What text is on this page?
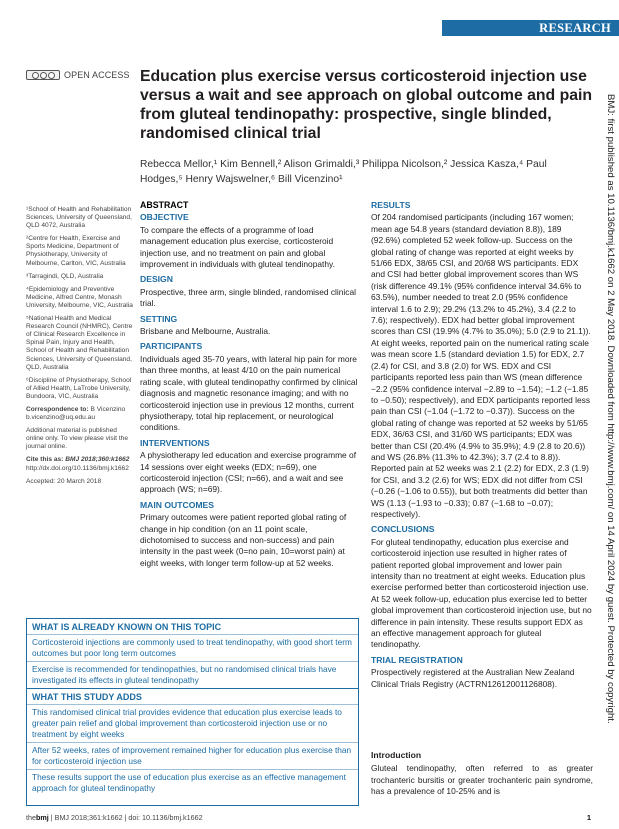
RESEARCH
OPEN ACCESS Education plus exercise versus corticosteroid injection use versus a wait and see approach on global outcome and pain from gluteal tendinopathy: prospective, single blinded, randomised clinical trial
Rebecca Mellor,¹ Kim Bennell,² Alison Grimaldi,³ Philippa Nicolson,² Jessica Kasza,⁴ Paul Hodges,⁵ Henry Wajswelner,⁶ Bill Vicenzino¹

¹School of Health and Rehabilitation Sciences, University of Queensland, QLD 4072, Australia

²Centre for Health, Exercise and Sports Medicine, Department of Physiotherapy, University of Melbourne, Carlton, VIC, Australia

³Tarragindi, QLD, Australia

⁴Epidemiology and Preventive Medicine, Alfred Centre, Monash University, Melbourne, VIC, Australia

⁵National Health and Medical Research Council (NHMRC), Centre of Clinical Research Excellence in Spinal Pain, Injury and Health, School of Health and Rehabilitation Sciences, University of Queensland, QLD, Australia

⁶Discipline of Physiotherapy, School of Allied Health, LaTrobe University, Bundoora, VIC, Australia

Correspondence to: B Vicenzino
b.vicenzino@uq.edu.au

Additional material is published online only. To view please visit the journal online.

Cite this as: BMJ 2018;360:k1662
http://dx.doi.org/10.1136/bmj.k1662

Accepted: 20 March 2018

ABSTRACT
OBJECTIVE

To compare the effects of a programme of load management education plus exercise, corticosteroid injection use, and no treatment on pain and global improvement in individuals with gluteal tendinopathy.

DESIGN

Prospective, three arm, single blinded, randomised clinical trial.

SETTING

Brisbane and Melbourne, Australia.

PARTICIPANTS

Individuals aged 35-70 years, with lateral hip pain for more than three months, at least 4/10 on the pain numerical rating scale, with gluteal tendinopathy confirmed by clinical diagnosis and magnetic resonance imaging; and with no corticosteroid injection use in previous 12 months, current physiotherapy, total hip replacement, or neurological conditions.

INTERVENTIONS

A physiotherapy led education and exercise programme of 14 sessions over eight weeks (EDX; n=69), one corticosteroid injection (CSI; n=66), and a wait and see approach (WS; n=69).

MAIN OUTCOMES

Primary outcomes were patient reported global rating of change in hip condition (on an 11 point scale, dichotomised to success and non-success) and pain intensity in the past week (0=no pain, 10=worst pain) at eight weeks, with longer term follow-up at 52 weeks.

RESULTS

Of 204 randomised participants (including 167 women; mean age 54.8 years (standard deviation 8.8)), 189 (92.6%) completed 52 week follow-up. Success on the global rating of change was reported at eight weeks by 51/66 EDX, 38/65 CSI, and 20/68 WS participants. EDX and CSI had better global improvement scores than WS (risk difference 49.1% (95% confidence interval 34.6% to 63.5%), number needed to treat 2.0 (95% confidence interval 1.6 to 2.9); 29.2% (13.2% to 45.2%), 3.4 (2.2 to 7.6); respectively). EDX had better global improvement scores than CSI (19.9% (4.7% to 35.0%); 5.0 (2.9 to 21.1)). At eight weeks, reported pain on the numerical rating scale was mean score 1.5 (standard deviation 1.5) for EDX, 2.7 (2.4) for CSI, and 3.8 (2.0) for WS. EDX and CSI participants reported less pain than WS (mean difference −2.2 (95% confidence interval −2.89 to −1.54); −1.2 (−1.85 to −0.50); respectively), and EDX participants reported less pain than CSI (−1.04 (−1.72 to −0.37)). Success on the global rating of change was reported at 52 weeks by 51/65 EDX, 36/63 CSI, and 31/60 WS participants; EDX was better than CSI (20.4% (4.9% to 35.9%); 4.9 (2.8 to 20.6)) and WS (26.8% (11.3% to 42.3%); 3.7 (2.4 to 8.8)). Reported pain at 52 weeks was 2.1 (2.2) for EDX, 2.3 (1.9) for CSI, and 3.2 (2.6) for WS; EDX did not differ from CSI (−0.26 (−1.06 to 0.55)), but both treatments did better than WS (1.13 (−1.93 to −0.33); 0.87 (−1.68 to −0.07); respectively).

CONCLUSIONS

For gluteal tendinopathy, education plus exercise and corticosteroid injection use resulted in higher rates of patient reported global improvement and lower pain intensity than no treatment at eight weeks. Education plus exercise performed better than corticosteroid injection use. At 52 week follow-up, education plus exercise led to better global improvement than corticosteroid injection use, but no difference in pain intensity. These results support EDX as an effective management approach for gluteal tendinopathy.

TRIAL REGISTRATION

Prospectively registered at the Australian New Zealand Clinical Trials Registry (ACTRN12612001126808).

WHAT IS ALREADY KNOWN ON THIS TOPIC
Corticosteroid injections are commonly used to treat tendinopathy, with good short term outcomes but poor long term outcomes
Exercise is recommended for tendinopathies, but no randomised clinical trials have investigated its effects in gluteal tendinopathy
WHAT THIS STUDY ADDS
This randomised clinical trial provides evidence that education plus exercise leads to greater pain relief and global improvement than corticosteroid injection use or no treatment by eight weeks
After 52 weeks, rates of improvement remained higher for education plus exercise than for corticosteroid injection use
These results support the use of education plus exercise as an effective management approach for gluteal tendinopathy
Introduction

Gluteal tendinopathy, often referred to as greater trochanteric bursitis or greater trochanteric pain syndrome, has a prevalence of 10-25% and is

thebmj | BMJ 2018;361:k1662 | doi: 10.1136/bmj.k1662	1
BMJ: first published as 10.1136/bmj.k1662 on 2 May 2018. Downloaded from http://www.bmj.com/ on 14 April 2024 by guest. Protected by copyright.
